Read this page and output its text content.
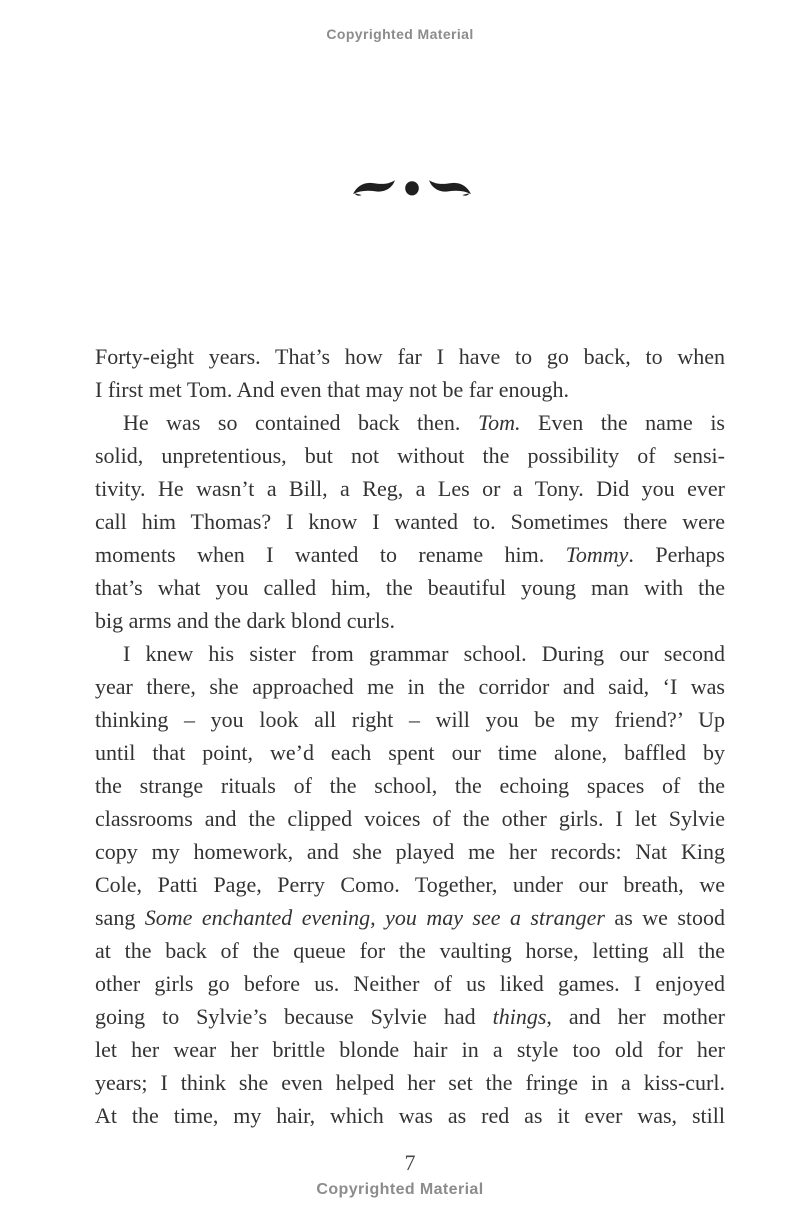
Copyrighted Material
Forty-eight years. That’s how far I have to go back, to when
I first met Tom. And even that may not be far enough.
He was so contained back then. Tom. Even the name is
solid, unpretentious, but not without the possibility of sensi-
tivity. He wasn’t a Bill, a Reg, a Les or a Tony. Did you ever
call him Thomas? I know I wanted to. Sometimes there were
moments when I wanted to rename him. Tommy. Perhaps
that’s what you called him, the beautiful young man with the
big arms and the dark blond curls.
I knew his sister from grammar school. During our second
year there, she approached me in the corridor and said, ‘I was
thinking – you look all right – will you be my friend?’ Up
until that point, we’d each spent our time alone, baffled by
the strange rituals of the school, the echoing spaces of the
classrooms and the clipped voices of the other girls. I let Sylvie
copy my homework, and she played me her records: Nat King
Cole, Patti Page, Perry Como. Together, under our breath, we
sang Some enchanted evening, you may see a stranger as we stood
at the back of the queue for the vaulting horse, letting all the
other girls go before us. Neither of us liked games. I enjoyed
going to Sylvie’s because Sylvie had things, and her mother
let her wear her brittle blonde hair in a style too old for her
years; I think she even helped her set the fringe in a kiss-curl.
At the time, my hair, which was as red as it ever was, still
7
Copyrighted Material
